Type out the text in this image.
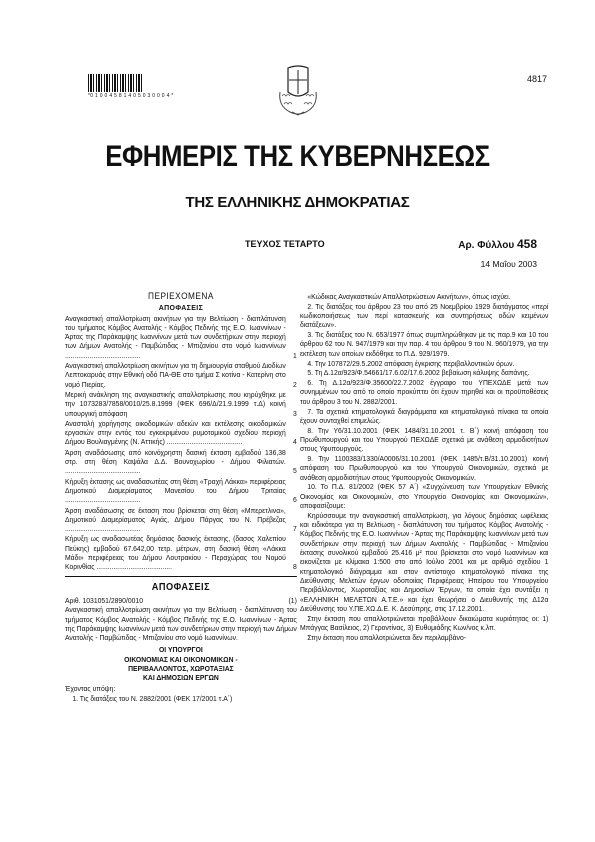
*0 1 0 0 4 5 8 1 4 0 5 0 3 0 0 0 4 *
4817
ΕΦΗΜΕΡΙΣ ΤΗΣ ΚΥΒΕΡΝΗΣΕΩΣ
ΤΗΣ ΕΛΛΗΝΙΚΗΣ ΔΗΜΟΚΡΑΤΙΑΣ
ΤΕΥΧΟΣ ΤΕΤΑΡΤΟ	Αρ. Φύλλου 458
14 Μαΐου 2003
ΠΕΡΙΕΧΟΜΕΝΑ
ΑΠΟΦΑΣΕΙΣ
Αναγκαστική απαλλοτρίωση ακινήτων για την Βελτίωση - διαπλάτυνση του τμήματος Κόμβος Ανατολής - Κόμβος Πεδινής της Ε.Ο. Ιωαννίνων - Άρτας της Παράκαμψης Ιωαννίνων μετά των συνδετήριων στην περιοχή των Δήμων Ανατολής - Παμβώτιδας - Μπιζανίου στο νομό Ιωαννίνων ........................................	1
Αναγκαστική απαλλοτρίωση ακινήτων για τη δημιουργία σταθμού Διοδίων Λεπτοκαρυάς στην Εθνική οδό ΠΑ-ΘΕ στο τμήμα Σ κοτίνα - Κατερίνη στο νομό Πιερίας.	2
Μερική ανάκληση της αναγκαστικής απαλλοτρίωσης που κηρύχθηκε με την 1073283/7858/0010/25.8.1999 (ΦΕΚ 696/Δ/21.9.1999 τ.Δ) κοινή υπουργική απόφαση	3
Αναστολή χορήγησης οικοδομικών αδειών και εκτέλεσης οικοδομικών εργασιών στην εντός του εγκεκριμένου ρυμοτομικού σχεδίου περιοχή Δήμου Βουλιαγμένης (Ν. Αττικής) ........................................	4
Άρση αναδάσωσης από κοινόχρηστη δασική έκταση εμβαδού 136,38 στρ. στη θέση Καψάλα Δ.Δ. Βουνοχωρίου - Δήμου Φιλιατών. ........................................	5
Κήρυξη έκτασης ως αναδασωτέας στη θέση «Τραχή Λάκκα» περιφέρειας Δημοτικού Διαμερίσματος Μανεσίου του Δήμου Τριταίας ........................................	6
Άρση αναδάσωσης σε έκταση που βρίσκεται στη θέση «Μπερετλινα», Δημοτικού Διαμερίσματος Αγιάς, Δήμου Πάργας του Ν. Πρέβεζας ........................................	7
Κήρυξη ως αναδασωτέας δημόσιας δασικής έκτασης, (δασος Χαλεπίου Πεύκης) εμβαδού 67.642,00 τετρ. μέτρων, στη δασική θέση «Λάκκα Μάδι» περιφέρειας του Δήμου Λουτρακίου - Περαχώρας του Νομού Κορινθίας ........................................	8
ΑΠΟΦΑΣΕΙΣ
Αριθ. 1031051/2890/0010	(1)
Αναγκαστική απαλλοτρίωση ακινήτων για την Βελτίωση - διαπλάτυνση του τμήματος Κόμβος Ανατολής - Κόμβος Πεδινής της Ε.Ο. Ιωαννίνων - Άρτας της Παράκαμψης Ιωαννίνων μετά των συνδετήριων στην περιοχή των Δήμων Ανατολής - Παμβώτιδας - Μπιζανίου στο νομό Ιωαννίνων.
ΟΙ ΥΠΟΥΡΓΟΙ
ΟΙΚΟΝΟΜΙΑΣ ΚΑΙ ΟΙΚΟΝΟΜΙΚΩΝ -
ΠΕΡΙΒΑΛΛΟΝΤΟΣ, ΧΩΡΟΤΑΞΙΑΣ
ΚΑΙ ΔΗΜΟΣΙΩΝ ΕΡΓΩΝ
Έχοντας υπόψη:
1. Τις διατάξεις του Ν. 2882/2001 (ΦΕΚ 17/2001 τ.Α΄)
«Κώδικας Αναγκαστικών Απαλλοτριώσεων Ακινήτων», όπως ισχύει.
2. Τις διατάξεις του άρθρου 23 του από 25 Νοεμβρίου 1929 διατάγματος «περί κωδικοποιήσεως των περί κατασκευής και συντηρήσεως οδών κειμένων διατάξεων».
3. Τις διατάξεις του Ν. 653/1977 όπως συμπληρώθηκαν με τις παρ.9 και 10 του άρθρου 62 του Ν. 947/1979 και την παρ. 4 του άρθρου 9 του Ν. 960/1979, για την εκτέλεση των οποίων εκδόθηκε το Π.Δ. 929/1979.
4. Την 107872/29.5.2002 απόφαση έγκρισης περιβαλλοντικών όρων.
5. Τη Δ.12α/923/Φ.54661/17.6.02/17.6.2002 βεβαίωση κάλυψης δαπάνης.
6. Τη Δ.12α/923/Φ.35600/22.7.2002 έγγραφο του ΥΠΕΧΩΔΕ μετά των συνημμένων του από το οποίο προκύπτει ότι έχουν τηρηθεί και οι προϋποθέσεις του άρθρου 3 του Ν. 2882/2001.
7. Τα σχετικά κτηματολογικά διαγράμματα και κτηματολογικό πίνακα τα οποία έχουν συνταχθεί επιμελώς.
8. Την Υ6/31.10.2001 (ΦΕΚ 1484/31.10.2001 τ. Β΄) κοινή απόφαση του Πρωθυπουργού και του Υπουργού ΠΕΧΩΔΕ σχετικά με ανάθεση αρμοδιοτήτων στους Υφυπουργούς.
9. Την 1100383/1330/Α0006/31.10.2001 (ΦΕΚ 1485/τ.Β/31.10.2001) κοινή απόφαση του Πρωθυπουργού και του Υπουργού Οικονομικών, σχετικά με ανάθεση αρμοδιοτήτων στους Υφυπουργούς Οικονομικών.
10. Το Π.Δ. 81/2002 (ΦΕΚ 57 Α΄) «Συγχώνευση των Υπουργείων Εθνικής Οικονομίας και Οικονομικών, στο Υπουργείο Οικονομίας και Οικονομικών», αποφασίζουμε:
Κηρύσσουμε την αναγκαστική απαλλοτρίωση, για λόγους δημόσιας ωφέλειας και ειδικότερα για τη Βελτίωση - διαπλάτυνση του τμήματος Κόμβος Ανατολής - Κόμβος Πεδινής της Ε.Ο. Ιωαννίνων - Άρτας της Παράκαμψης Ιωαννίνων μετά των συνδετήριων στην περιοχή των Δήμων Ανατολής - Παμβώτιδας - Μπιζανίου έκτασης συνολικού εμβαδού 25.416 μ² που βρίσκεται στο νομό Ιωαννίνων και εικονίζεται με κλίμακα 1:500 στο από Ιούλιο 2001 και με αριθμό σχεδίου 1 κτηματολογικό διάγραμμα και στον αντίστοιχο κτηματολογικό πίνακα της Διεύθυνσης Μελετών έργων οδοποιίας Περιφέρειας Ηπείρου του Υπουργείου Περιβάλλοντος, Χωροταξίας και Δημοσίων Έργων, τα οποία έχει συντάξει η «ΕΛΛΗΝΙΚΗ ΜΕΛΕΤΩΝ Α.Τ.Ε.» και έχει θεωρήσει ο Διευθυντής της Δ12α Διεύθυνσης του Υ.ΠΕ.ΧΩ.Δ.Ε. Κ. Δεσύπρης, στις 17.12.2001.
Στην έκταση που απαλλοτριώνεται προβάλλουν δικαιώματα κυριότητας οι: 1) Μπάγγας Βασίλειος, 2) Γεροντίνας, 3) Ευθυμιάδης Κων/νος κ.λπ.
Στην έκταση που απαλλοτριώνεται δεν περιλαμβάνο-
